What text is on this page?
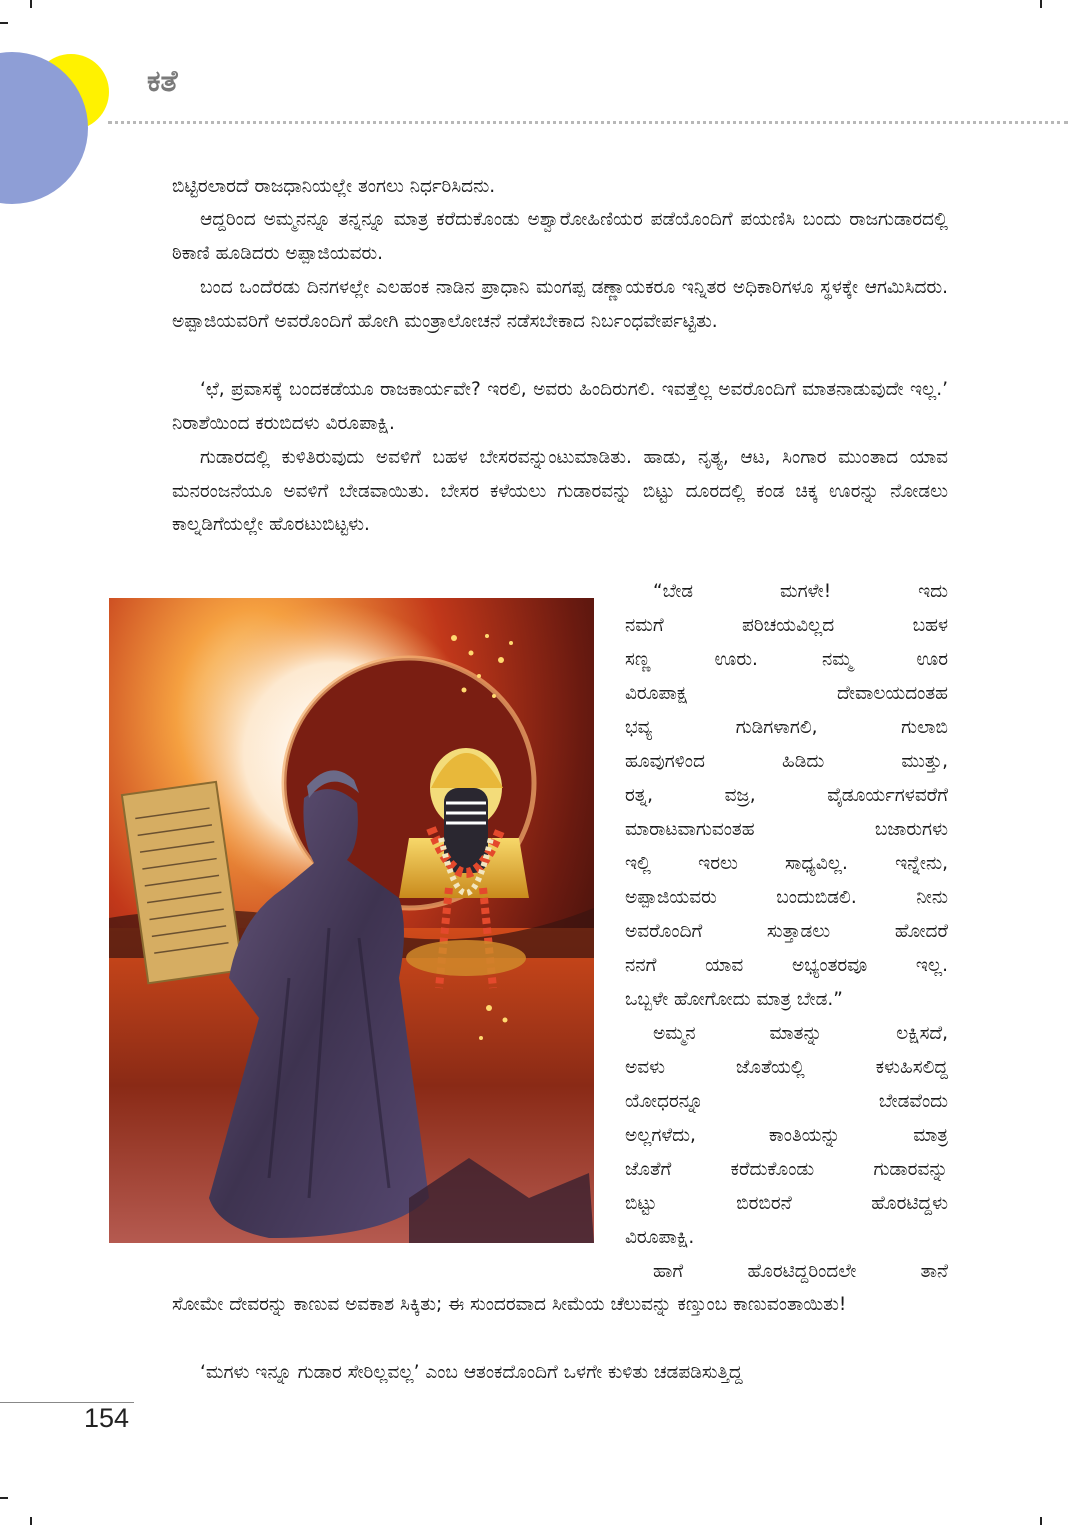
ಕತೆ

ಬಿಟ್ಟಿರಲಾರದೆ ರಾಜಧಾನಿಯಲ್ಲೇ ತಂಗಲು ನಿರ್ಧರಿಸಿದನು.

ಆದ್ದರಿಂದ ಅಮ್ಮನನ್ನೂ ತನ್ನನ್ನೂ ಮಾತ್ರ ಕರೆದುಕೊಂಡು ಅಶ್ವಾರೋಹಿಣಿಯರ ಪಡೆಯೊಂದಿಗೆ ಪಯಣಿಸಿ ಬಂದು ರಾಜಗುಡಾರದಲ್ಲಿ ಠಿಕಾಣಿ ಹೂಡಿದರು ಅಪ್ಪಾಜಿಯವರು.

ಬಂದ ಒಂದೆರಡು ದಿನಗಳಲ್ಲೇ ಎಲಹಂಕ ನಾಡಿನ ಪ್ರಾಧಾನಿ ಮಂಗಪ್ಪ ಡಣ್ಣಾಯಕರೂ ಇನ್ನಿತರ ಅಧಿಕಾರಿಗಳೂ ಸ್ಥಳಕ್ಕೇ ಆಗಮಿಸಿದರು. ಅಪ್ಪಾಜಿಯವರಿಗೆ ಅವರೊಂದಿಗೆ ಹೋಗಿ ಮಂತ್ರಾಲೋಚನೆ ನಡೆಸಬೇಕಾದ ನಿರ್ಬಂಧವೇರ್ಪಟ್ಟಿತು.

‘ಛೆ, ಪ್ರವಾಸಕ್ಕೆ ಬಂದಕಡೆಯೂ ರಾಜಕಾರ್ಯವೇ? ಇರಲಿ, ಅವರು ಹಿಂದಿರುಗಲಿ. ಇವತ್ತೆಲ್ಲ ಅವರೊಂದಿಗೆ ಮಾತನಾಡುವುದೇ ಇಲ್ಲ.’ ನಿರಾಶೆಯಿಂದ ಕರುಬಿದಳು ವಿರೂಪಾಕ್ಷಿ.

ಗುಡಾರದಲ್ಲಿ ಕುಳಿತಿರುವುದು ಅವಳಿಗೆ ಬಹಳ ಬೇಸರವನ್ನುಂಟುಮಾಡಿತು. ಹಾಡು, ನೃತ್ಯ, ಆಟ, ಸಿಂಗಾರ ಮುಂತಾದ ಯಾವ ಮನರಂಜನೆಯೂ ಅವಳಿಗೆ ಬೇಡವಾಯಿತು. ಬೇಸರ ಕಳೆಯಲು ಗುಡಾರವನ್ನು ಬಿಟ್ಟು ದೂರದಲ್ಲಿ ಕಂಡ ಚಿಕ್ಕ ಊರನ್ನು ನೋಡಲು ಕಾಲ್ನಡಿಗೆಯಲ್ಲೇ ಹೊರಟುಬಿಟ್ಟಳು.

“ಬೇಡ ಮಗಳೇ! ಇದು
ನಮಗೆ ಪರಿಚಯವಿಲ್ಲದ ಬಹಳ
ಸಣ್ಣ ಊರು. ನಮ್ಮ ಊರ
ವಿರೂಪಾಕ್ಷ ದೇವಾಲಯದಂತಹ
ಭವ್ಯ ಗುಡಿಗಳಾಗಲಿ, ಗುಲಾಬಿ
ಹೂವುಗಳಿಂದ ಹಿಡಿದು ಮುತ್ತು,
ರತ್ನ, ವಜ್ರ, ವೈಡೂರ್ಯಗಳವರೆಗೆ
ಮಾರಾಟವಾಗುವಂತಹ ಬಜಾರುಗಳು
ಇಲ್ಲಿ ಇರಲು ಸಾಧ್ಯವಿಲ್ಲ. ಇನ್ನೇನು,
ಅಪ್ಪಾಜಿಯವರು ಬಂದುಬಿಡಲಿ. ನೀನು
ಅವರೊಂದಿಗೆ ಸುತ್ತಾಡಲು ಹೋದರೆ
ನನಗೆ ಯಾವ ಅಭ್ಯಂತರವೂ ಇಲ್ಲ.
ಒಬ್ಬಳೇ ಹೋಗೋದು ಮಾತ್ರ ಬೇಡ.”
ಅಮ್ಮನ ಮಾತನ್ನು ಲಕ್ಷಿಸದೆ,
ಅವಳು ಜೊತೆಯಲ್ಲಿ ಕಳುಹಿಸಲಿದ್ದ
ಯೋಧರನ್ನೂ ಬೇಡವೆಂದು
ಅಲ್ಲಗಳೆದು, ಕಾಂತಿಯನ್ನು ಮಾತ್ರ
ಜೊತೆಗೆ ಕರೆದುಕೊಂಡು ಗುಡಾರವನ್ನು
ಬಿಟ್ಟು ಬಿರಬಿರನೆ ಹೊರಟಿದ್ದಳು
ವಿರೂಪಾಕ್ಷಿ.
ಹಾಗೆ ಹೊರಟಿದ್ದರಿಂದಲೇ ತಾನೆ

ಸೋಮೇ ದೇವರನ್ನು ಕಾಣುವ ಅವಕಾಶ ಸಿಕ್ಕಿತು; ಈ ಸುಂದರವಾದ ಸೀಮೆಯ ಚೆಲುವನ್ನು ಕಣ್ತುಂಬ ಕಾಣುವಂತಾಯಿತು!

‘ಮಗಳು ಇನ್ನೂ ಗುಡಾರ ಸೇರಿಲ್ಲವಲ್ಲ’ ಎಂಬ ಆತಂಕದೊಂದಿಗೆ ಒಳಗೇ ಕುಳಿತು ಚಡಪಡಿಸುತ್ತಿದ್ದ

154
